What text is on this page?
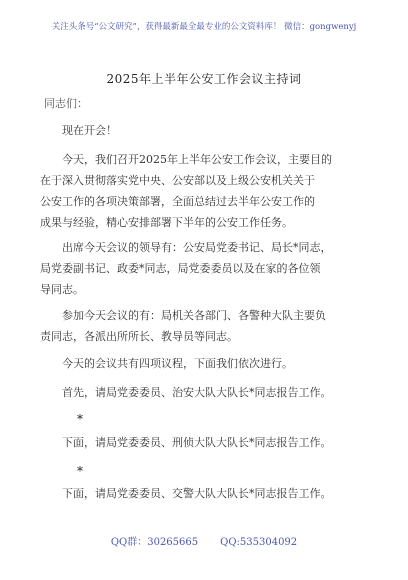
关注头条号“公文研究”，获得最新最全最专业的公文资料库！ 微信：gongwenyj
2025年上半年公安工作会议主持词
同志们：
现在开会！
今天，我们召开2025年上半年公安工作会议，主要目的
在于深入贯彻落实党中央、公安部以及上级公安机关关于
公安工作的各项决策部署，全面总结过去半年公安工作的
成果与经验，精心安排部署下半年的公安工作任务。
出席今天会议的领导有：公安局党委书记、局长*同志，
局党委副书记、政委*同志，局党委委员以及在家的各位领
导同志。
参加今天会议的有：局机关各部门、各警种大队主要负
责同志，各派出所所长、教导员等同志。
今天的会议共有四项议程，下面我们依次进行。
首先，请局党委委员、治安大队大队长*同志报告工作。
*
下面，请局党委委员、刑侦大队大队长*同志报告工作。
*
下面，请局党委委员、交警大队大队长*同志报告工作。
QQ群：30265665 QQ:535304092
